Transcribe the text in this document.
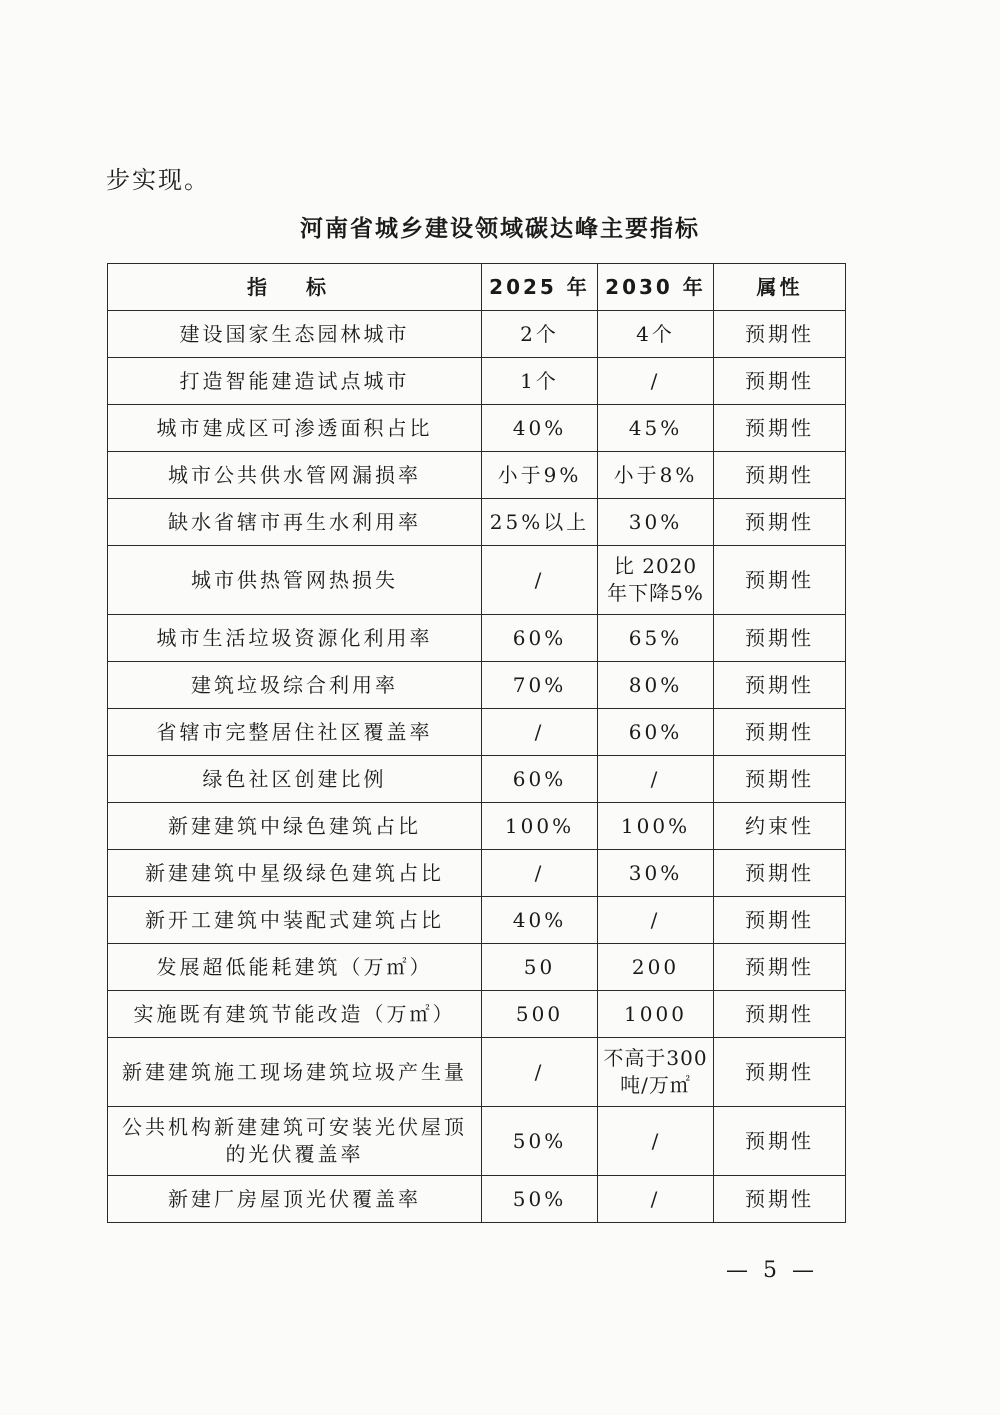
步实现。
河南省城乡建设领域碳达峰主要指标
指 标	2025 年	2030 年	属性
建设国家生态园林城市	2个	4个	预期性
打造智能建造试点城市	1个	/	预期性
城市建成区可渗透面积占比	40%	45%	预期性
城市公共供水管网漏损率	小于9%	小于8%	预期性
缺水省辖市再生水利用率	25%以上	30%	预期性
城市供热管网热损失	/	比 2020 年下降5%	预期性
城市生活垃圾资源化利用率	60%	65%	预期性
建筑垃圾综合利用率	70%	80%	预期性
省辖市完整居住社区覆盖率	/	60%	预期性
绿色社区创建比例	60%	/	预期性
新建建筑中绿色建筑占比	100%	100%	约束性
新建建筑中星级绿色建筑占比	/	30%	预期性
新开工建筑中装配式建筑占比	40%	/	预期性
发展超低能耗建筑（万㎡）	50	200	预期性
实施既有建筑节能改造（万㎡）	500	1000	预期性
新建建筑施工现场建筑垃圾产生量	/	不高于300吨/万㎡	预期性
公共机构新建建筑可安装光伏屋顶的光伏覆盖率	50%	/	预期性
新建厂房屋顶光伏覆盖率	50%	/	预期性
— 5 —
